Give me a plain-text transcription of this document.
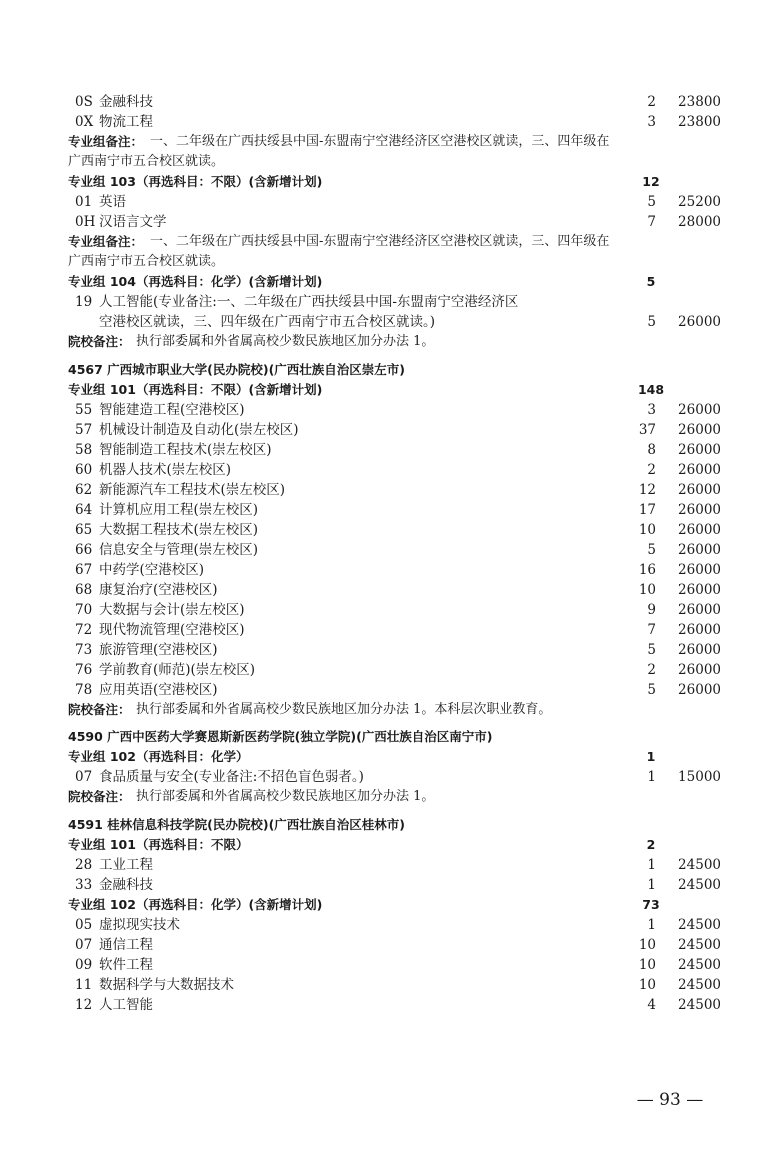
0S 金融科技	2 23800
0X 物流工程	3 23800
专业组备注： 一、二年级在广西扶绥县中国-东盟南宁空港经济区空港校区就读，三、四年级在
广西南宁市五合校区就读。
专业组 103（再选科目：不限）(含新增计划)	12
01 英语	5 25200
0H 汉语言文学	7 28000
专业组备注： 一、二年级在广西扶绥县中国-东盟南宁空港经济区空港校区就读，三、四年级在
广西南宁市五合校区就读。
专业组 104（再选科目：化学）(含新增计划)	5
19 人工智能(专业备注:一、二年级在广西扶绥县中国-东盟南宁空港经济区
空港校区就读，三、四年级在广西南宁市五合校区就读。)	5 26000
院校备注： 执行部委属和外省属高校少数民族地区加分办法 1。
4567 广西城市职业大学(民办院校)(广西壮族自治区崇左市)
专业组 101（再选科目：不限）(含新增计划)	148
55 智能建造工程(空港校区)	3 26000
57 机械设计制造及自动化(崇左校区)	37 26000
58 智能制造工程技术(崇左校区)	8 26000
60 机器人技术(崇左校区)	2 26000
62 新能源汽车工程技术(崇左校区)	12 26000
64 计算机应用工程(崇左校区)	17 26000
65 大数据工程技术(崇左校区)	10 26000
66 信息安全与管理(崇左校区)	5 26000
67 中药学(空港校区)	16 26000
68 康复治疗(空港校区)	10 26000
70 大数据与会计(崇左校区)	9 26000
72 现代物流管理(空港校区)	7 26000
73 旅游管理(空港校区)	5 26000
76 学前教育(师范)(崇左校区)	2 26000
78 应用英语(空港校区)	5 26000
院校备注： 执行部委属和外省属高校少数民族地区加分办法 1。本科层次职业教育。
4590 广西中医药大学赛恩斯新医药学院(独立学院)(广西壮族自治区南宁市)
专业组 102（再选科目：化学）	1
07 食品质量与安全(专业备注:不招色盲色弱者。)	1 15000
院校备注： 执行部委属和外省属高校少数民族地区加分办法 1。
4591 桂林信息科技学院(民办院校)(广西壮族自治区桂林市)
专业组 101（再选科目：不限）	2
28 工业工程	1 24500
33 金融科技	1 24500
专业组 102（再选科目：化学）(含新增计划)	73
05 虚拟现实技术	1 24500
07 通信工程	10 24500
09 软件工程	10 24500
11 数据科学与大数据技术	10 24500
12 人工智能	4 24500
— 93 —
